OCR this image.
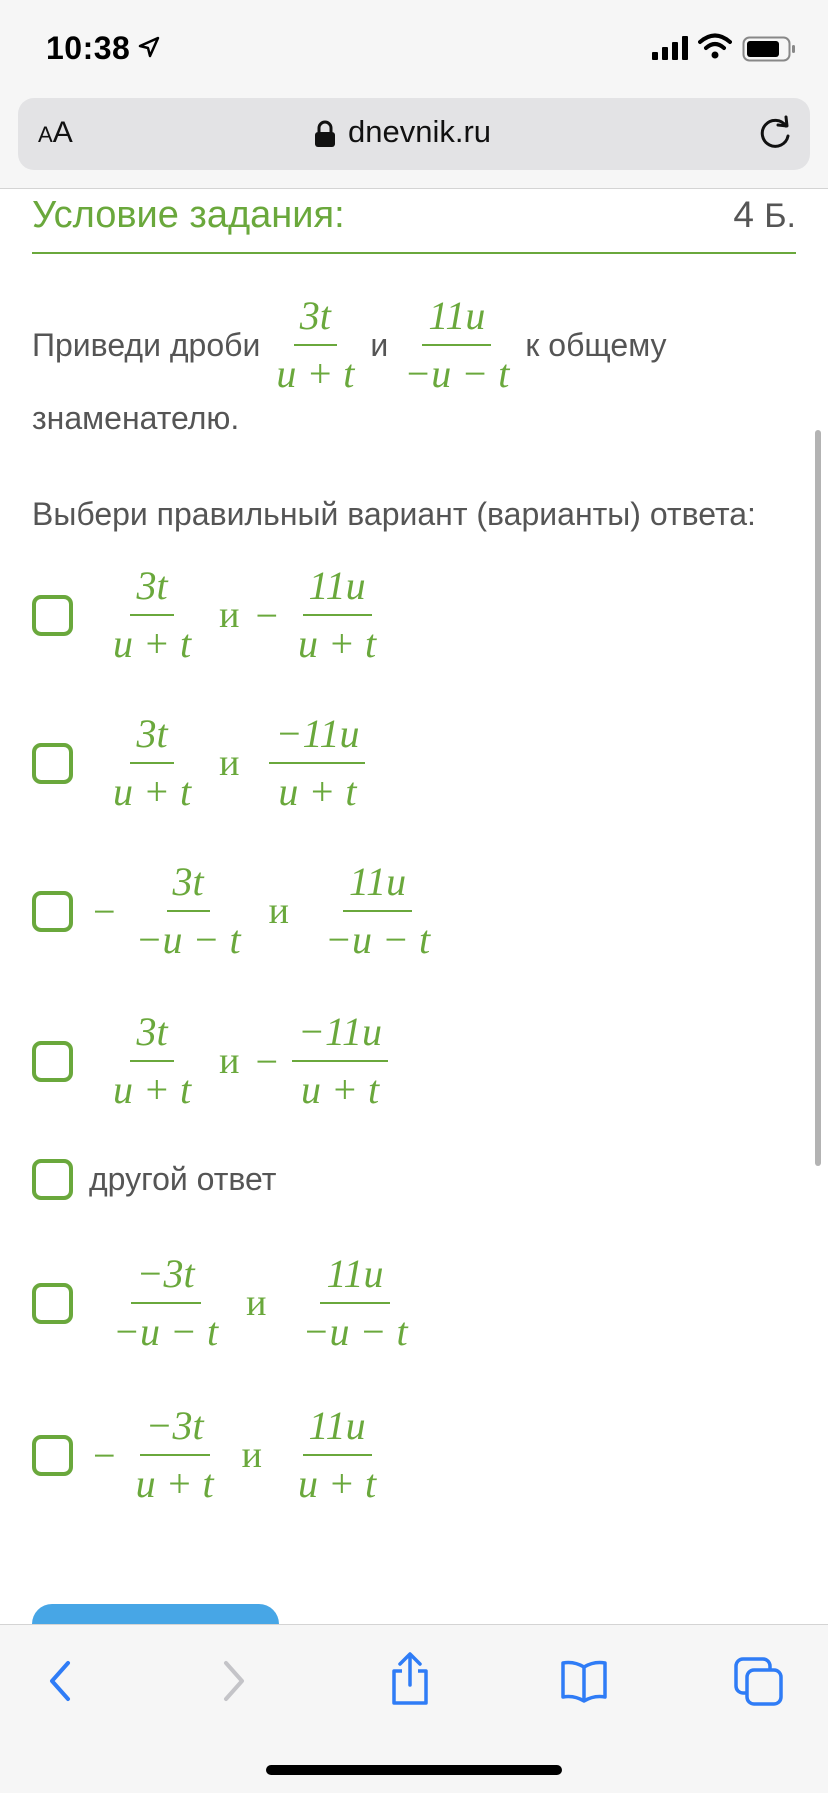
10:38
AA	dnevnik.ru
Условие задания:	4 Б.
Приведи дроби $\frac{3t}{u + t}$ и $\frac{11u}{-u - t}$ к общему
знаменателю.
Выбери правильный вариант (варианты) ответа:
$\frac{3t}{u + t}$ $и - \frac{11u}{u + t}$
$\frac{3t}{u + t}$ и $\frac{-11u}{u + t}$
− $\frac{3t}{-u - t}$ и $\frac{11u}{-u - t}$
$\frac{3t}{u + t}$ $и - \frac{-11u}{u + t}$
другой ответ
$\frac{-3t}{-u - t}$ и $\frac{11u}{-u - t}$
− $\frac{-3t}{u + t}$ и $\frac{11u}{u + t}$
